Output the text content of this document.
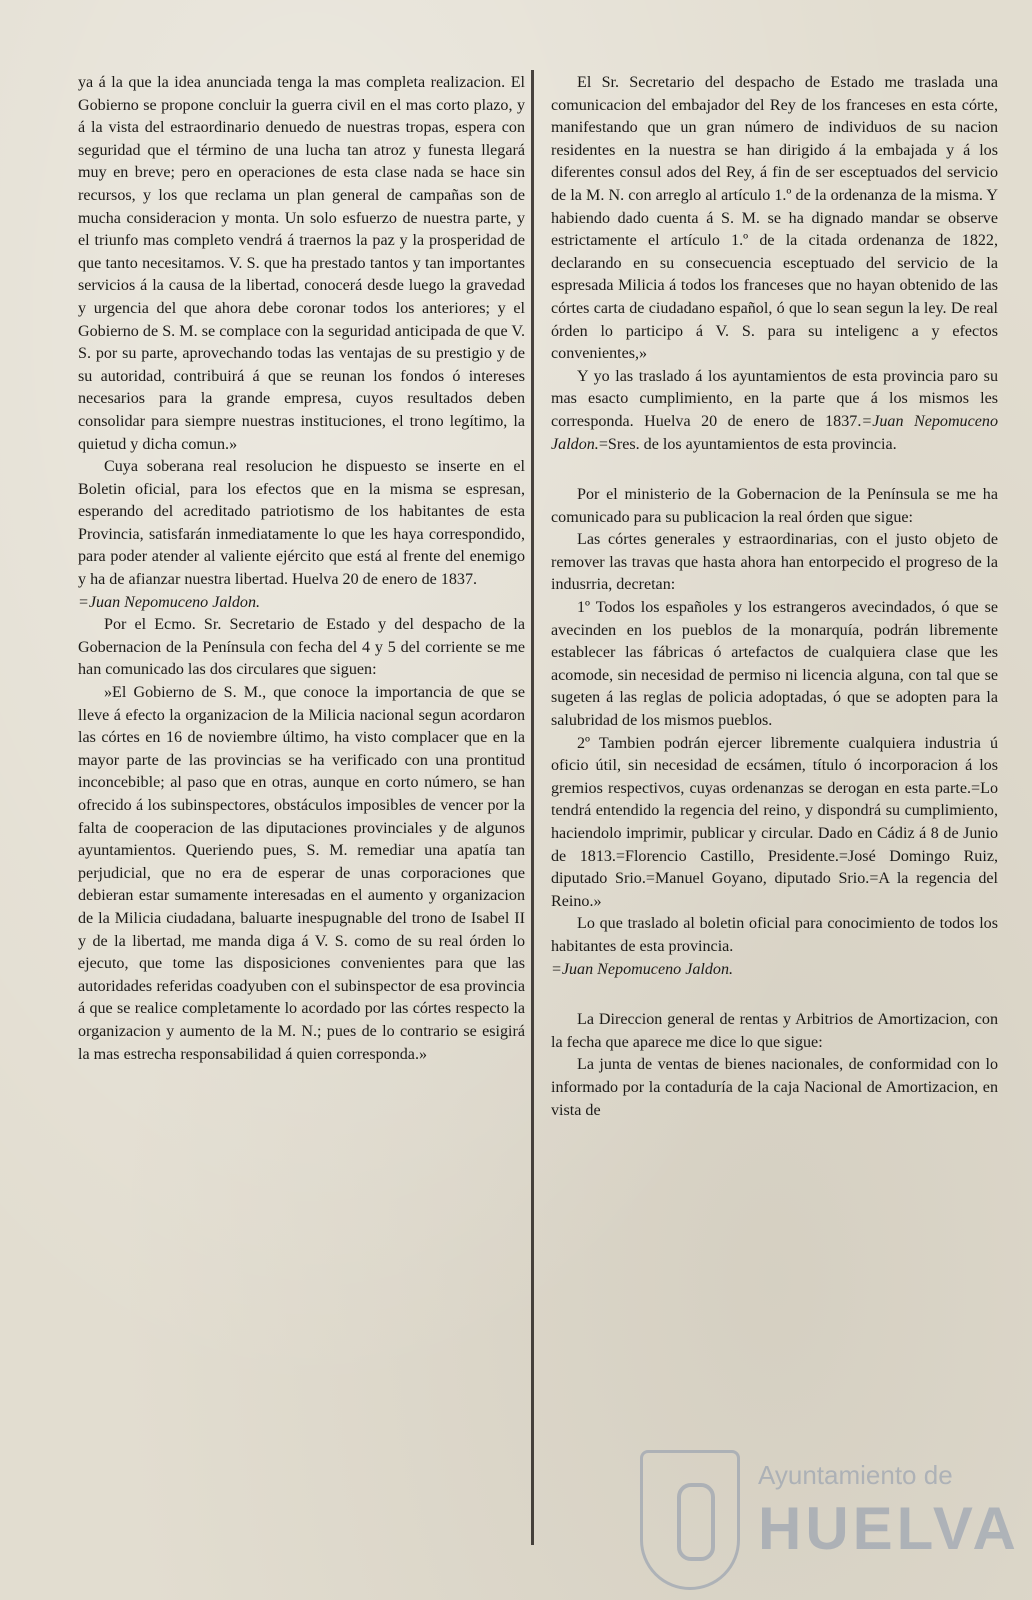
ya á la que la idea anunciada tenga la mas completa realizacion. El Gobierno se propone concluir la guerra civil en el mas corto plazo, y á la vista del estraordinario denuedo de nuestras tropas, espera con seguridad que el término de una lucha tan atroz y funesta llegará muy en breve; pero en operaciones de esta clase nada se hace sin recursos, y los que reclama un plan general de campañas son de mucha consideracion y monta. Un solo esfuerzo de nuestra parte, y el triunfo mas completo vendrá á traernos la paz y la prosperidad de que tanto necesitamos. V. S. que ha prestado tantos y tan importantes servicios á la causa de la libertad, conocerá desde luego la gravedad y urgencia del que ahora debe coronar todos los anteriores; y el Gobierno de S. M. se complace con la seguridad anticipada de que V. S. por su parte, aprovechando todas las ventajas de su prestigio y de su autoridad, contribuirá á que se reunan los fondos ó intereses necesarios para la grande empresa, cuyos resultados deben consolidar para siempre nuestras instituciones, el trono legítimo, la quietud y dicha comun.»

Cuya soberana real resolucion he dispuesto se inserte en el Boletin oficial, para los efectos que en la misma se espresan, esperando del acreditado patriotismo de los habitantes de esta Provincia, satisfarán inmediatamente lo que les haya correspondido, para poder atender al valiente ejército que está al frente del enemigo y ha de afianzar nuestra libertad. Huelva 20 de enero de 1837.
=Juan Nepomuceno Jaldon.

Por el Ecmo. Sr. Secretario de Estado y del despacho de la Gobernacion de la Península con fecha del 4 y 5 del corriente se me han comunicado las dos circulares que siguen:

»El Gobierno de S. M., que conoce la importancia de que se lleve á efecto la organizacion de la Milicia nacional segun acordaron las córtes en 16 de noviembre último, ha visto complacer que en la mayor parte de las provincias se ha verificado con una prontitud inconcebible; al paso que en otras, aunque en corto número, se han ofrecido á los subinspectores, obstáculos imposibles de vencer por la falta de cooperacion de las diputaciones provinciales y de algunos ayuntamientos. Queriendo pues, S. M. remediar una apatía tan perjudicial, que no era de esperar de unas corporaciones que debieran estar sumamente interesadas en el aumento y organizacion de la Milicia ciudadana, baluarte inespugnable del trono de Isabel II y de la libertad, me manda diga á V. S. como de su real órden lo ejecuto, que tome las disposiciones convenientes para que las autoridades referidas coadyuben con el subinspector de esa provincia á que se realice completamente lo acordado por las córtes respecto la organizacion y aumento de la M. N.; pues de lo contrario se esigirá la mas estrecha responsabilidad á quien corresponda.»

El Sr. Secretario del despacho de Estado me traslada una comunicacion del embajador del Rey de los franceses en esta córte, manifestando que un gran número de individuos de su nacion residentes en la nuestra se han dirigido á la embajada y á los diferentes consul ados del Rey, á fin de ser esceptuados del servicio de la M. N. con arreglo al artículo 1.º de la ordenanza de la misma. Y habiendo dado cuenta á S. M. se ha dignado mandar se observe estrictamente el artículo 1.º de la citada ordenanza de 1822, declarando en su consecuencia esceptuado del servicio de la espresada Milicia á todos los franceses que no hayan obtenido de las córtes carta de ciudadano español, ó que lo sean segun la ley. De real órden lo participo á V. S. para su inteligenc a y efectos convenientes,»

Y yo las traslado á los ayuntamientos de esta provincia paro su mas esacto cumplimiento, en la parte que á los mismos les corresponda. Huelva 20 de enero de 1837.=Juan Nepomuceno Jaldon.=Sres. de los ayuntamientos de esta provincia.

Por el ministerio de la Gobernacion de la Península se me ha comunicado para su publicacion la real órden que sigue:

Las córtes generales y estraordinarias, con el justo objeto de remover las travas que hasta ahora han entorpecido el progreso de la indusrria, decretan:

1º Todos los españoles y los estrangeros avecindados, ó que se avecinden en los pueblos de la monarquía, podrán libremente establecer las fábricas ó artefactos de cualquiera clase que les acomode, sin necesidad de permiso ni licencia alguna, con tal que se sugeten á las reglas de policia adoptadas, ó que se adopten para la salubridad de los mismos pueblos.

2º Tambien podrán ejercer libremente cualquiera industria ú oficio útil, sin necesidad de ecsámen, título ó incorporacion á los gremios respectivos, cuyas ordenanzas se derogan en esta parte.=Lo tendrá entendido la regencia del reino, y dispondrá su cumplimiento, haciendolo imprimir, publicar y circular. Dado en Cádiz á 8 de Junio de 1813.=Florencio Castillo, Presidente.=José Domingo Ruiz, diputado Srio.=Manuel Goyano, diputado Srio.=A la regencia del Reino.»

Lo que traslado al boletin oficial para conocimiento de todos los habitantes de esta provincia.
=Juan Nepomuceno Jaldon.

La Direccion general de rentas y Arbitrios de Amortizacion, con la fecha que aparece me dice lo que sigue:

La junta de ventas de bienes nacionales, de conformidad con lo informado por la contaduría de la caja Nacional de Amortizacion, en vista de

Ayuntamiento de
HUELVA
